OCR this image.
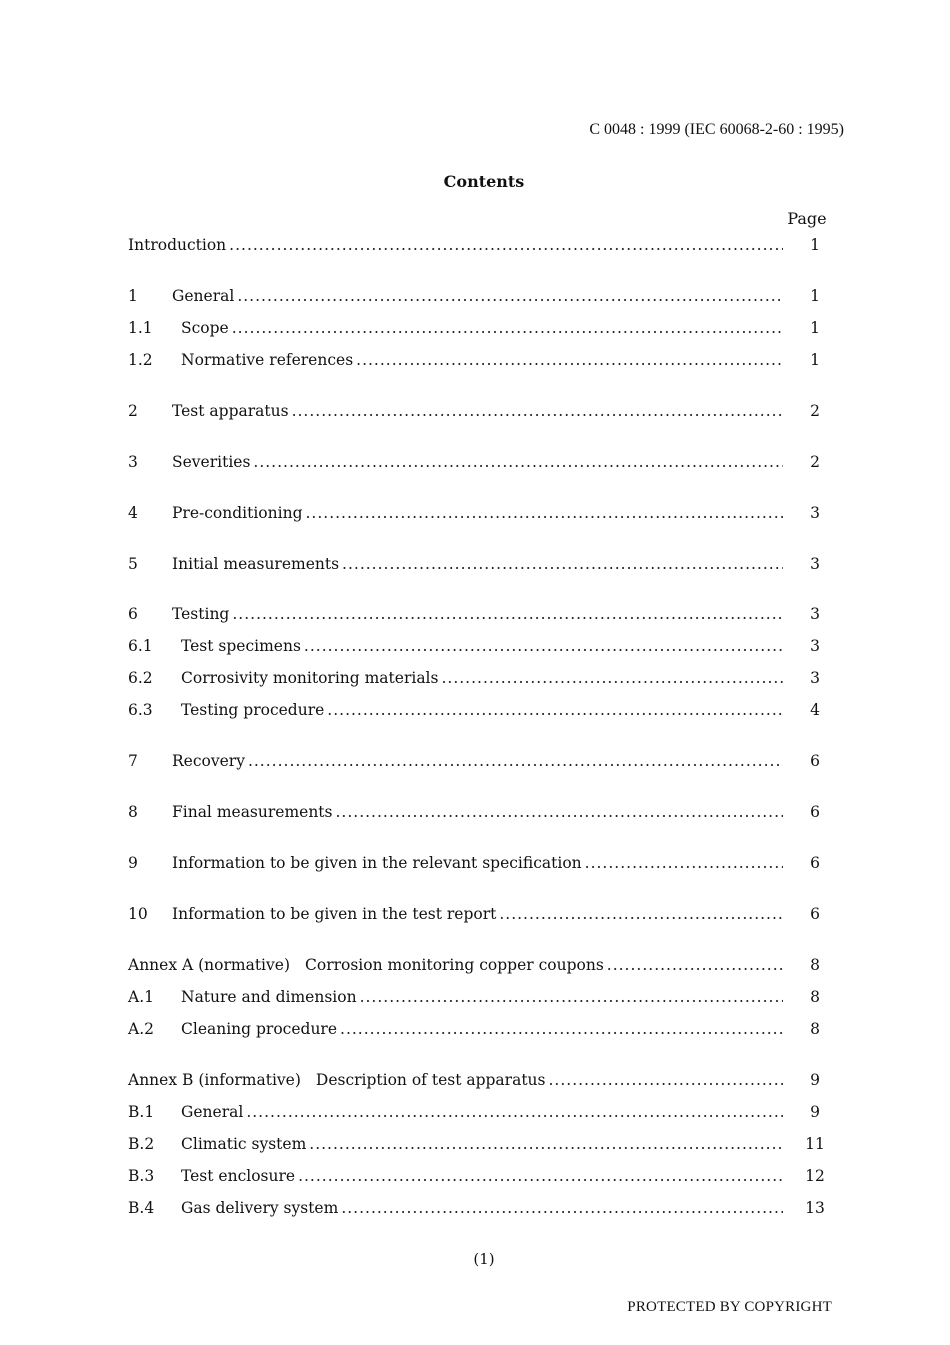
C 0048 : 1999 (IEC 60068-2-60 : 1995)
Contents
Page
Introduction .....	1
1	General .....	1
1.1	Scope .....	1
1.2	Normative references .....	1
2	Test apparatus .....	2
3	Severities .....	2
4	Pre-conditioning .....	3
5	Initial measurements .....	3
6	Testing .....	3
6.1	Test specimens .....	3
6.2	Corrosivity monitoring materials .....	3
6.3	Testing procedure .....	4
7	Recovery .....	6
8	Final measurements .....	6
9	Information to be given in the relevant specification .....	6
10	Information to be given in the test report .....	6
Annex A (normative) Corrosion monitoring copper coupons .....	8
A.1	Nature and dimension .....	8
A.2	Cleaning procedure .....	8
Annex B (informative) Description of test apparatus .....	9
B.1	General .....	9
B.2	Climatic system .....	11
B.3	Test enclosure .....	12
B.4	Gas delivery system .....	13
(1)
PROTECTED BY COPYRIGHT
